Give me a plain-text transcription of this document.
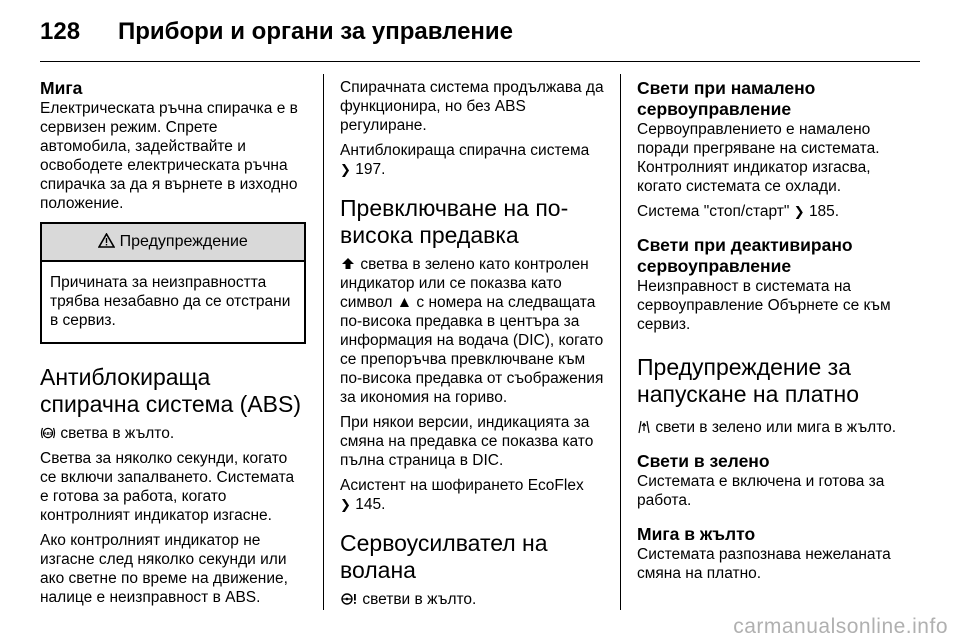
128 Прибори и органи за управление
Мига

Електрическата ръчна спирачка е в сервизен режим. Спрете автомобила, задействайте и освободете електрическата ръчна спирачка за да я върнете в изходно положение.

Предупреждение
Причината за неизправността трябва незабавно да се отстрани в сервиз.
Антиблокираща спирачна система (ABS)

ABS светва в жълто.

Светва за няколко секунди, когато се включи запалването. Системата е готова за работа, когато контролният индикатор изгасне.

Ако контролният индикатор не изгасне след няколко секунди или ако светне по време на движение, налице е неизправност в ABS.

Спирачната система продължава да функционира, но без ABS регулиране.

Антиблокираща спирачна система
❯ 197.

Превключване на по-висока предавка

светва в зелено като контролен индикатор или се показва като символ ▲ с номера на следващата по-висока предавка в центъра за информация на водача (DIC), когато се препоръчва превключване към по-висока предавка от съображения за икономия на гориво.

При някои версии, индикацията за смяна на предавка се показва като пълна страница в DIC.

Асистент на шофирането EcoFlex
❯ 145.

Сервоусилвател на волана

светви в жълто.

Свети при намалено сервоуправление

Сервоуправлението е намалено поради прегряване на системата. Контролният индикатор изгасва, когато системата се охлади.

Система "стоп/старт" ❯ 185.

Свети при деактивирано сервоуправление

Неизправност в системата на сервоуправление Обърнете се към сервиз.

Предупреждение за напускане на платно

свети в зелено или мига в жълто.

Свети в зелено

Системата е включена и готова за работа.

Мига в жълто

Системата разпознава нежеланата смяна на платно.

carmanualsonline.info
